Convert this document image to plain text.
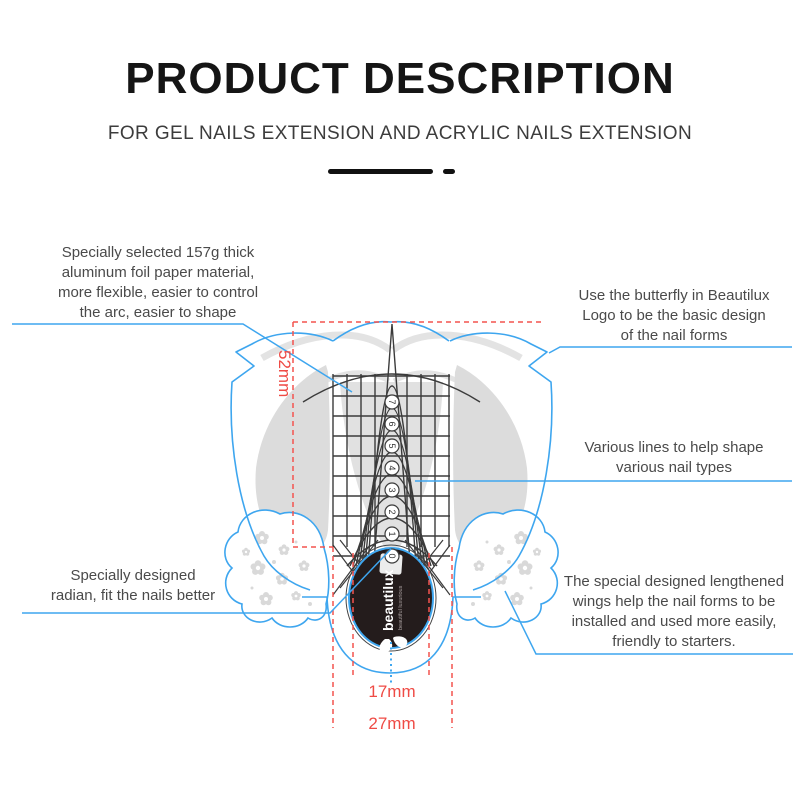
beautilux beautiful luxurious
7
6
5
4
3
2
1
0
PRODUCT DESCRIPTION
FOR GEL NAILS EXTENSION AND ACRYLIC NAILS EXTENSION
Specially selected 157g thick
aluminum foil paper material,
more flexible, easier to control
the arc, easier to shape
Use the butterfly in Beautilux
Logo to be the basic design
of the nail forms
Various lines to help shape
various nail types
Specially designed
radian, fit the nails better
The special designed lengthened
wings help the nail forms to be
installed and used more easily,
friendly to starters.
52mm
17mm
27mm
